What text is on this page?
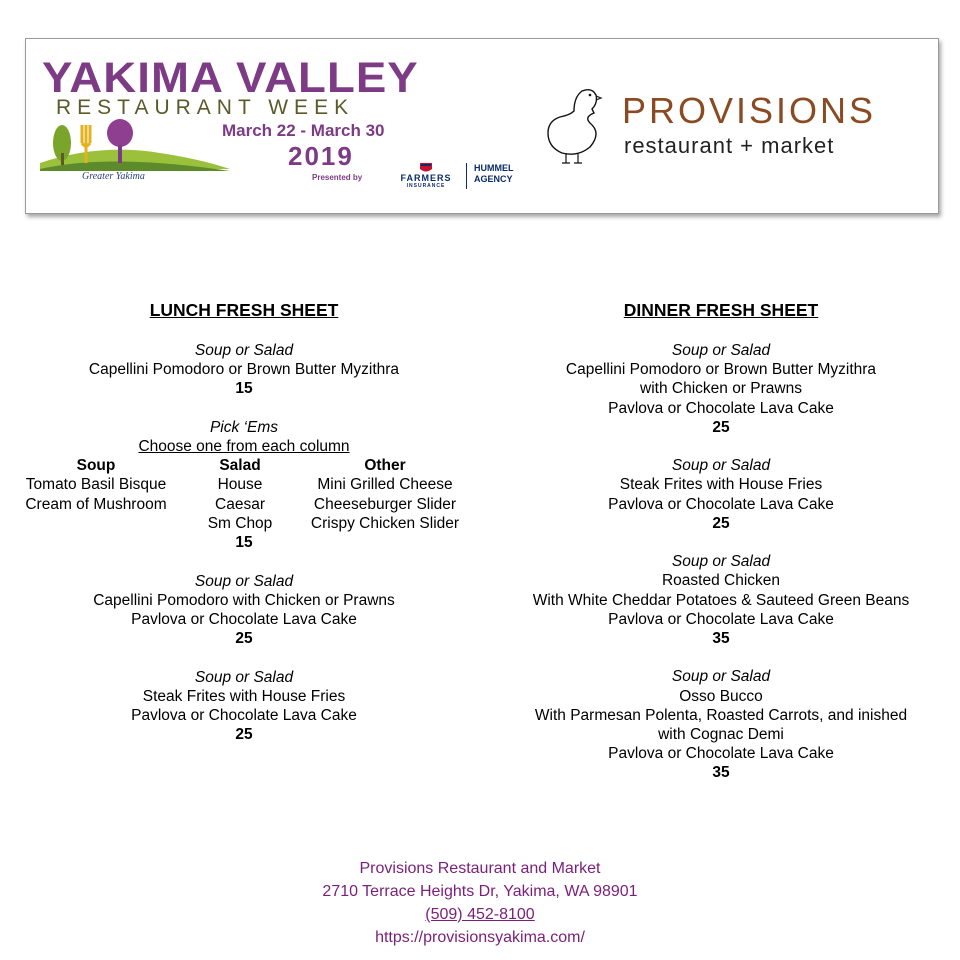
YAKIMA VALLEY
RESTAURANT WEEK
March 22 - March 30
2019
Greater Yakima	Presented by	FARMERS
INSURANCE
HUMMEL
AGENCY
PROVISIONS
restaurant + market
LUNCH FRESH SHEET
Soup or Salad
Capellini Pomodoro or Brown Butter Myzithra
15
Pick ‘Ems
Choose one from each column
Soup
Tomato Basil Bisque
Cream of Mushroom
Salad
House
Caesar
Sm Chop
Other
Mini Grilled Cheese
Cheeseburger Slider
Crispy Chicken Slider
15
Soup or Salad
Capellini Pomodoro with Chicken or Prawns
Pavlova or Chocolate Lava Cake
25
Soup or Salad
Steak Frites with House Fries
Pavlova or Chocolate Lava Cake
25
DINNER FRESH SHEET
Soup or Salad
Capellini Pomodoro or Brown Butter Myzithra
with Chicken or Prawns
Pavlova or Chocolate Lava Cake
25
Soup or Salad
Steak Frites with House Fries
Pavlova or Chocolate Lava Cake
25
Soup or Salad
Roasted Chicken
With White Cheddar Potatoes & Sauteed Green Beans
Pavlova or Chocolate Lava Cake
35
Soup or Salad
Osso Bucco
With Parmesan Polenta, Roasted Carrots, and inished
with Cognac Demi
Pavlova or Chocolate Lava Cake
35
Provisions Restaurant and Market
2710 Terrace Heights Dr, Yakima, WA 98901
(509) 452-8100
https://provisionsyakima.com/
